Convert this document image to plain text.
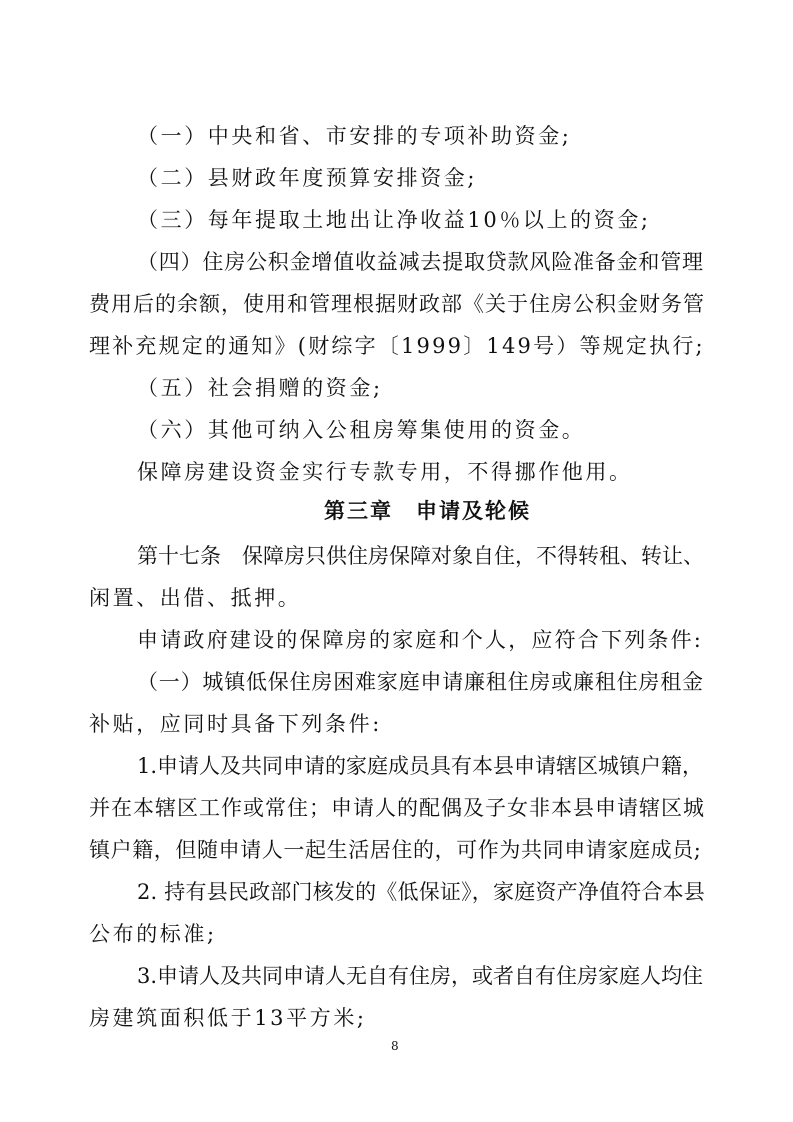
（一）中央和省、市安排的专项补助资金;
（二）县财政年度预算安排资金;
（三）每年提取土地出让净收益10％以上的资金;
（四）住房公积金增值收益减去提取贷款风险准备金和管理
费用后的余额，使用和管理根据财政部《关于住房公积金财务管
理补充规定的通知》(财综字〔1999〕149号）等规定执行;
（五）社会捐赠的资金;
（六）其他可纳入公租房筹集使用的资金。
保障房建设资金实行专款专用，不得挪作他用。
第三章　申请及轮候
第十七条　保障房只供住房保障对象自住，不得转租、转让、
闲置、出借、抵押。
申请政府建设的保障房的家庭和个人，应符合下列条件:
（一）城镇低保住房困难家庭申请廉租住房或廉租住房租金
补贴，应同时具备下列条件:
1.申请人及共同申请的家庭成员具有本县申请辖区城镇户籍，
并在本辖区工作或常住；申请人的配偶及子女非本县申请辖区城
镇户籍，但随申请人一起生活居住的，可作为共同申请家庭成员;
2. 持有县民政部门核发的《低保证》，家庭资产净值符合本县
公布的标准;
3.申请人及共同申请人无自有住房，或者自有住房家庭人均住
房建筑面积低于13平方米;
8
